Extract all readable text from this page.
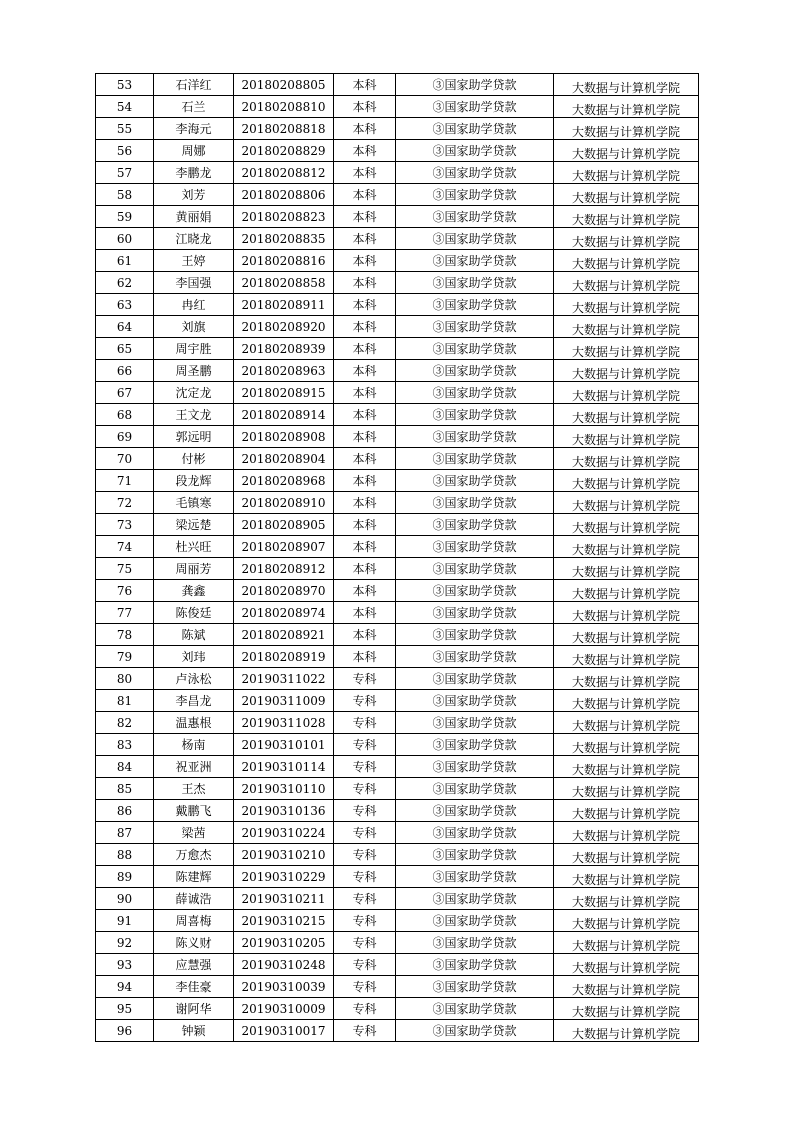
53	石洋红	20180208805	本科	③国家助学贷款	大数据与计算机学院
54	石兰	20180208810	本科	③国家助学贷款	大数据与计算机学院
55	李海元	20180208818	本科	③国家助学贷款	大数据与计算机学院
56	周娜	20180208829	本科	③国家助学贷款	大数据与计算机学院
57	李鹏龙	20180208812	本科	③国家助学贷款	大数据与计算机学院
58	刘芳	20180208806	本科	③国家助学贷款	大数据与计算机学院
59	黄丽娟	20180208823	本科	③国家助学贷款	大数据与计算机学院
60	江晓龙	20180208835	本科	③国家助学贷款	大数据与计算机学院
61	王婷	20180208816	本科	③国家助学贷款	大数据与计算机学院
62	李国强	20180208858	本科	③国家助学贷款	大数据与计算机学院
63	冉红	20180208911	本科	③国家助学贷款	大数据与计算机学院
64	刘旗	20180208920	本科	③国家助学贷款	大数据与计算机学院
65	周宇胜	20180208939	本科	③国家助学贷款	大数据与计算机学院
66	周圣鹏	20180208963	本科	③国家助学贷款	大数据与计算机学院
67	沈定龙	20180208915	本科	③国家助学贷款	大数据与计算机学院
68	王文龙	20180208914	本科	③国家助学贷款	大数据与计算机学院
69	郭远明	20180208908	本科	③国家助学贷款	大数据与计算机学院
70	付彬	20180208904	本科	③国家助学贷款	大数据与计算机学院
71	段龙辉	20180208968	本科	③国家助学贷款	大数据与计算机学院
72	毛镇寒	20180208910	本科	③国家助学贷款	大数据与计算机学院
73	梁远楚	20180208905	本科	③国家助学贷款	大数据与计算机学院
74	杜兴旺	20180208907	本科	③国家助学贷款	大数据与计算机学院
75	周丽芳	20180208912	本科	③国家助学贷款	大数据与计算机学院
76	龚鑫	20180208970	本科	③国家助学贷款	大数据与计算机学院
77	陈俊廷	20180208974	本科	③国家助学贷款	大数据与计算机学院
78	陈斌	20180208921	本科	③国家助学贷款	大数据与计算机学院
79	刘玮	20180208919	本科	③国家助学贷款	大数据与计算机学院
80	卢泳松	20190311022	专科	③国家助学贷款	大数据与计算机学院
81	李昌龙	20190311009	专科	③国家助学贷款	大数据与计算机学院
82	温惠根	20190311028	专科	③国家助学贷款	大数据与计算机学院
83	杨南	20190310101	专科	③国家助学贷款	大数据与计算机学院
84	祝亚洲	20190310114	专科	③国家助学贷款	大数据与计算机学院
85	王杰	20190310110	专科	③国家助学贷款	大数据与计算机学院
86	戴鹏飞	20190310136	专科	③国家助学贷款	大数据与计算机学院
87	梁茜	20190310224	专科	③国家助学贷款	大数据与计算机学院
88	万愈杰	20190310210	专科	③国家助学贷款	大数据与计算机学院
89	陈建辉	20190310229	专科	③国家助学贷款	大数据与计算机学院
90	薛诚浩	20190310211	专科	③国家助学贷款	大数据与计算机学院
91	周喜梅	20190310215	专科	③国家助学贷款	大数据与计算机学院
92	陈义财	20190310205	专科	③国家助学贷款	大数据与计算机学院
93	应慧强	20190310248	专科	③国家助学贷款	大数据与计算机学院
94	李佳豪	20190310039	专科	③国家助学贷款	大数据与计算机学院
95	谢阿华	20190310009	专科	③国家助学贷款	大数据与计算机学院
96	钟颖	20190310017	专科	③国家助学贷款	大数据与计算机学院
